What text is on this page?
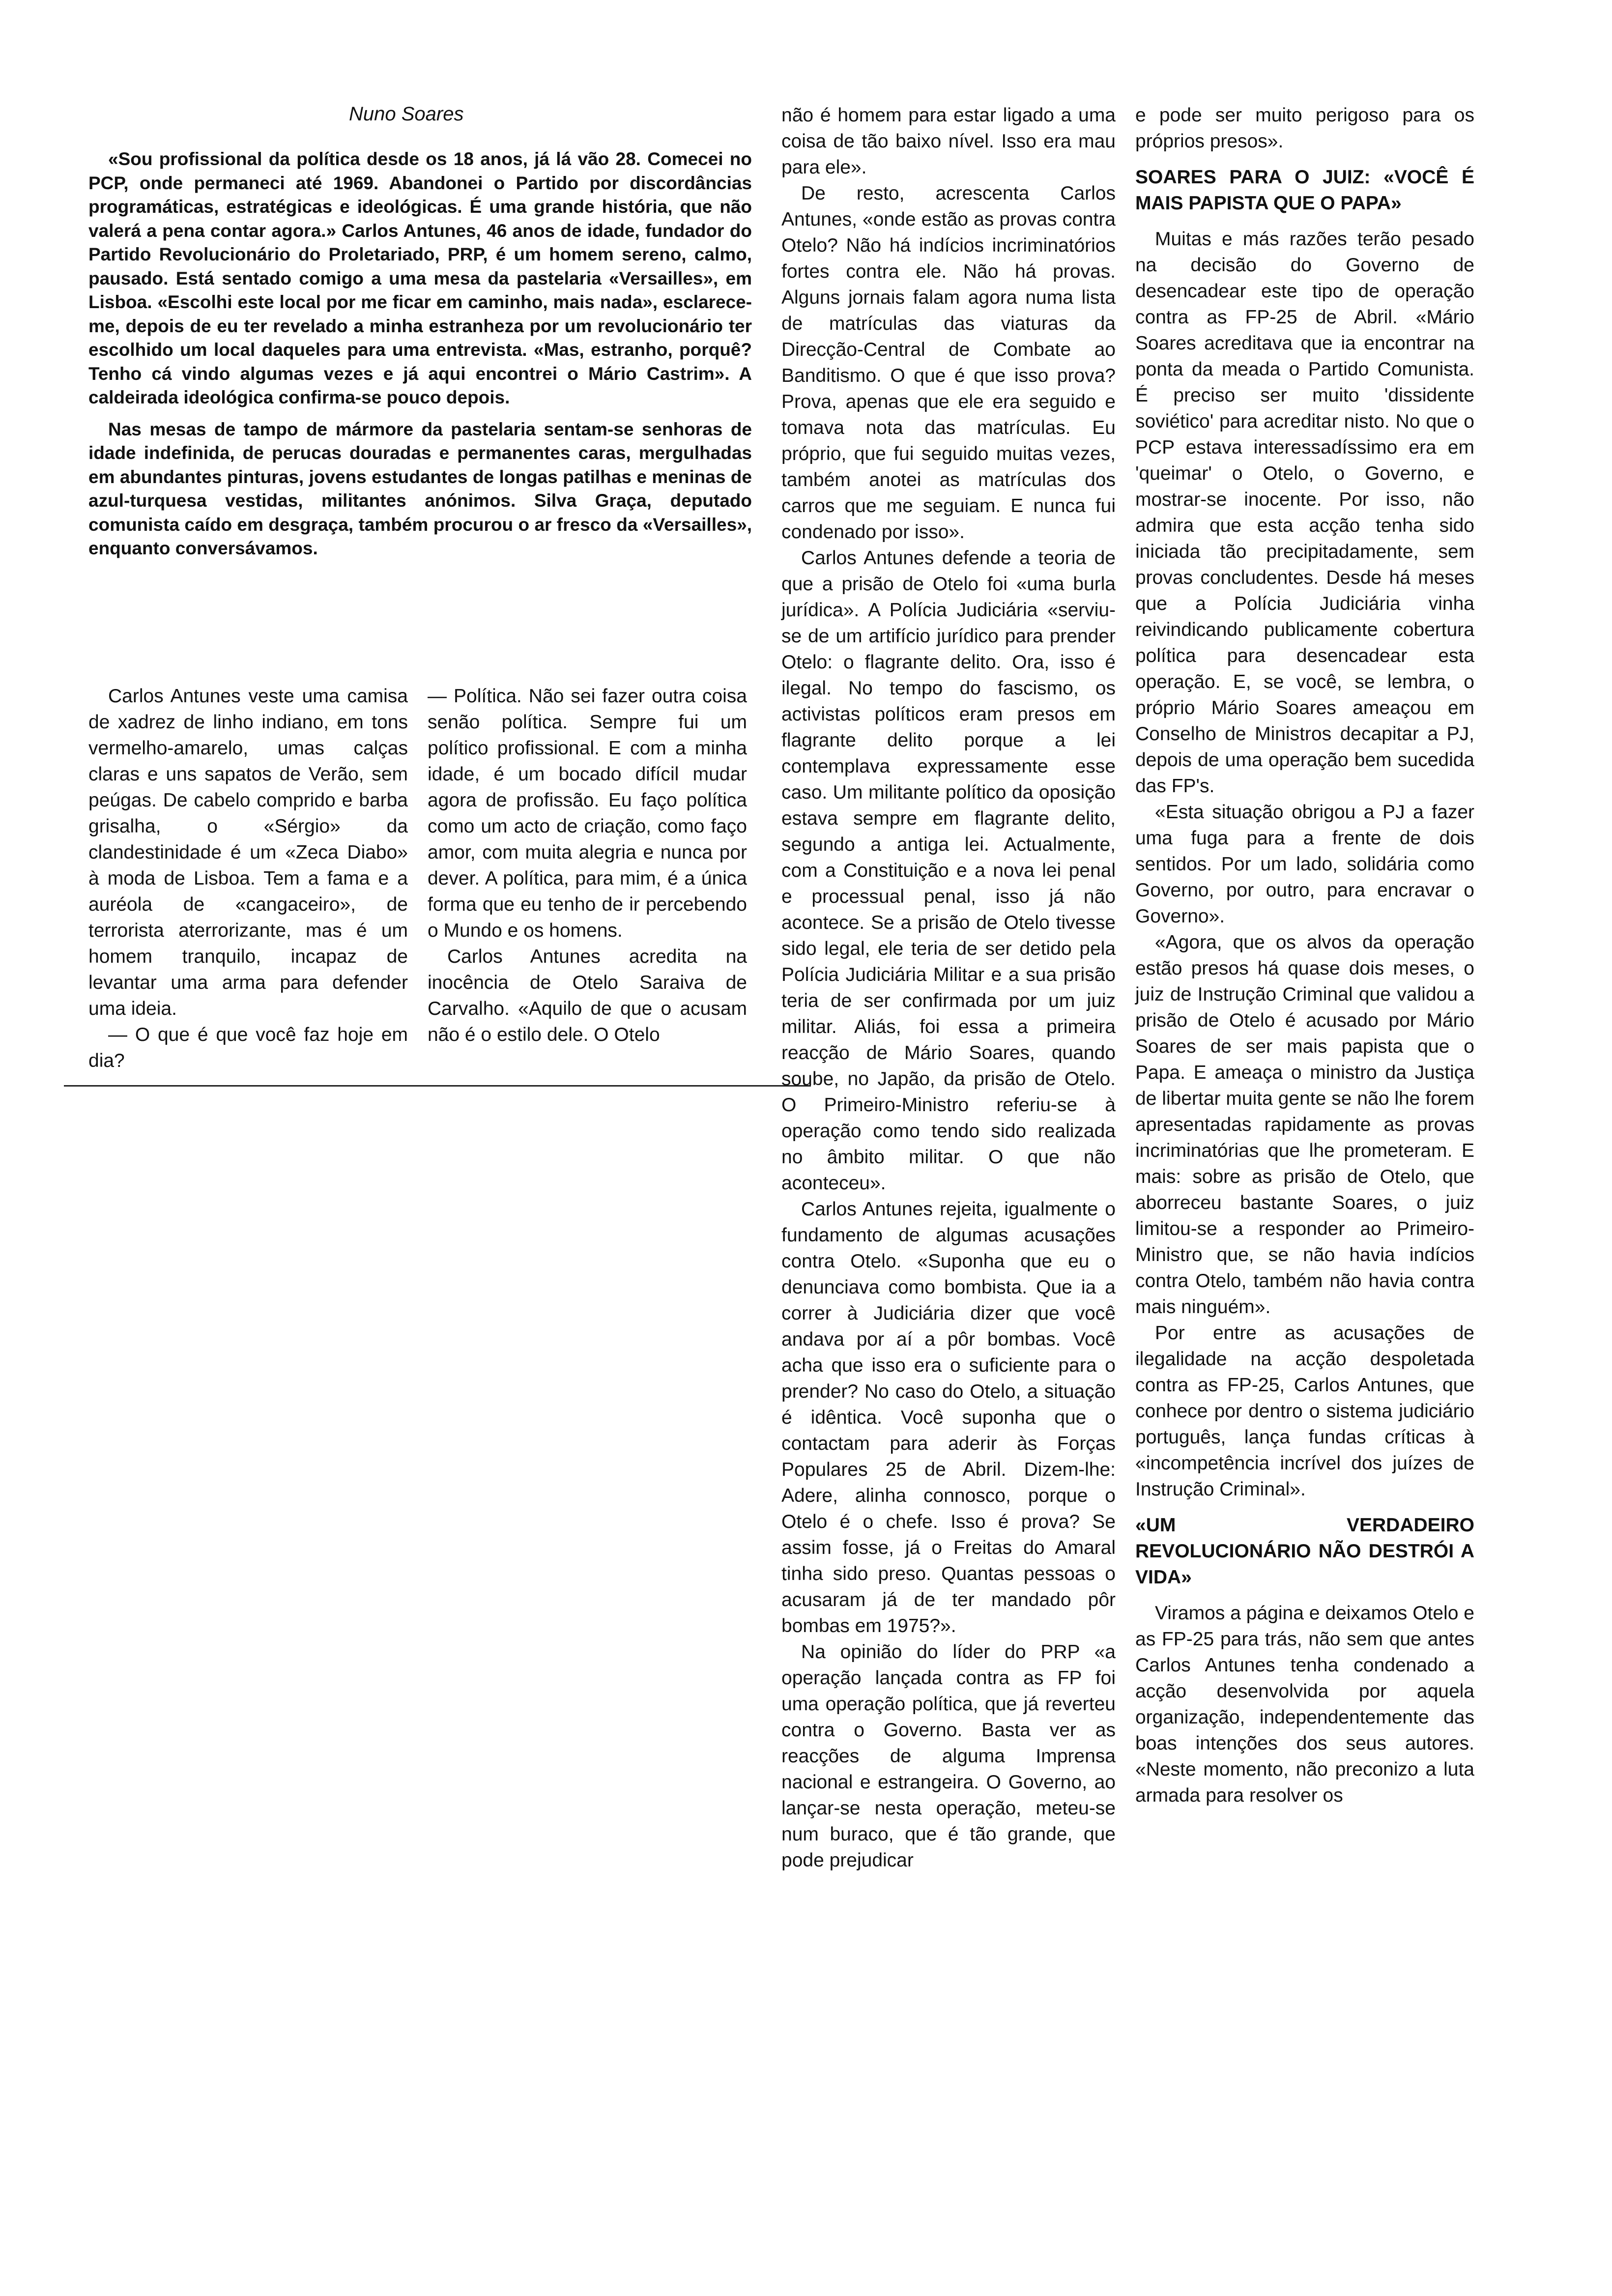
Nuno Soares

«Sou profissional da política desde os 18 anos, já lá vão 28. Comecei no PCP, onde permaneci até 1969. Abandonei o Partido por discordâncias programáticas, estratégicas e ideológicas. É uma grande história, que não valerá a pena contar agora.» Carlos Antunes, 46 anos de idade, fundador do Partido Revolucionário do Proletariado, PRP, é um homem sereno, calmo, pausado. Está sentado comigo a uma mesa da pastelaria «Versailles», em Lisboa. «Escolhi este local por me ficar em caminho, mais nada», esclarece-me, depois de eu ter revelado a minha estranheza por um revolucionário ter escolhido um local daqueles para uma entrevista. «Mas, estranho, porquê? Tenho cá vindo algumas vezes e já aqui encontrei o Mário Castrim». A caldeirada ideológica confirma-se pouco depois.

Nas mesas de tampo de mármore da pastelaria sentam-se senhoras de idade indefinida, de perucas douradas e permanentes caras, mergulhadas em abundantes pinturas, jovens estudantes de longas patilhas e meninas de azul-turquesa vestidas, militantes anónimos. Silva Graça, deputado comunista caído em desgraça, também procurou o ar fresco da «Versailles», enquanto conversávamos.

Carlos Antunes veste uma camisa de xadrez de linho indiano, em tons vermelho-amarelo, umas calças claras e uns sapatos de Verão, sem peúgas. De cabelo comprido e barba grisalha, o «Sérgio» da clandestinidade é um «Zeca Diabo» à moda de Lisboa. Tem a fama e a auréola de «cangaceiro», de terrorista aterrorizante, mas é um homem tranquilo, incapaz de levantar uma arma para defender uma ideia.

— O que é que você faz hoje em dia?

— Política. Não sei fazer outra coisa senão política. Sempre fui um político profissional. E com a minha idade, é um bocado difícil mudar agora de profissão. Eu faço política como um acto de criação, como faço amor, com muita alegria e nunca por dever. A política, para mim, é a única forma que eu tenho de ir percebendo o Mundo e os homens.

Carlos Antunes acredita na inocência de Otelo Saraiva de Carvalho. «Aquilo de que o acusam não é o estilo dele. O Otelo

não é homem para estar ligado a uma coisa de tão baixo nível. Isso era mau para ele».

De resto, acrescenta Carlos Antunes, «onde estão as provas contra Otelo? Não há indícios incriminatórios fortes contra ele. Não há provas. Alguns jornais falam agora numa lista de matrículas das viaturas da Direcção-Central de Combate ao Banditismo. O que é que isso prova? Prova, apenas que ele era seguido e tomava nota das matrículas. Eu próprio, que fui seguido muitas vezes, também anotei as matrículas dos carros que me seguiam. E nunca fui condenado por isso».

Carlos Antunes defende a teoria de que a prisão de Otelo foi «uma burla jurídica». A Polícia Judiciária «serviu-se de um artifício jurídico para prender Otelo: o flagrante delito. Ora, isso é ilegal. No tempo do fascismo, os activistas políticos eram presos em flagrante delito porque a lei contemplava expressamente esse caso. Um militante político da oposição estava sempre em flagrante delito, segundo a antiga lei. Actualmente, com a Constituição e a nova lei penal e processual penal, isso já não acontece. Se a prisão de Otelo tivesse sido legal, ele teria de ser detido pela Polícia Judiciária Militar e a sua prisão teria de ser confirmada por um juiz militar. Aliás, foi essa a primeira reacção de Mário Soares, quando soube, no Japão, da prisão de Otelo. O Primeiro-Ministro referiu-se à operação como tendo sido realizada no âmbito militar. O que não aconteceu».

Carlos Antunes rejeita, igualmente o fundamento de algumas acusações contra Otelo. «Suponha que eu o denunciava como bombista. Que ia a correr à Judiciária dizer que você andava por aí a pôr bombas. Você acha que isso era o suficiente para o prender? No caso do Otelo, a situação é idêntica. Você suponha que o contactam para aderir às Forças Populares 25 de Abril. Dizem-lhe: Adere, alinha connosco, porque o Otelo é o chefe. Isso é prova? Se assim fosse, já o Freitas do Amaral tinha sido preso. Quantas pessoas o acusaram já de ter mandado pôr bombas em 1975?».

Na opinião do líder do PRP «a operação lançada contra as FP foi uma operação política, que já reverteu contra o Governo. Basta ver as reacções de alguma Imprensa nacional e estrangeira. O Governo, ao lançar-se nesta operação, meteu-se num buraco, que é tão grande, que pode prejudicar

e pode ser muito perigoso para os próprios presos».

SOARES PARA O JUIZ: «VOCÊ É MAIS PAPISTA QUE O PAPA»

Muitas e más razões terão pesado na decisão do Governo de desencadear este tipo de operação contra as FP-25 de Abril. «Mário Soares acreditava que ia encontrar na ponta da meada o Partido Comunista. É preciso ser muito 'dissidente soviético' para acreditar nisto. No que o PCP estava interessadíssimo era em 'queimar' o Otelo, o Governo, e mostrar-se inocente. Por isso, não admira que esta acção tenha sido iniciada tão precipitadamente, sem provas concludentes. Desde há meses que a Polícia Judiciária vinha reivindicando publicamente cobertura política para desencadear esta operação. E, se você, se lembra, o próprio Mário Soares ameaçou em Conselho de Ministros decapitar a PJ, depois de uma operação bem sucedida das FP's.

«Esta situação obrigou a PJ a fazer uma fuga para a frente de dois sentidos. Por um lado, solidária como Governo, por outro, para encravar o Governo».

«Agora, que os alvos da operação estão presos há quase dois meses, o juiz de Instrução Criminal que validou a prisão de Otelo é acusado por Mário Soares de ser mais papista que o Papa. E ameaça o ministro da Justiça de libertar muita gente se não lhe forem apresentadas rapidamente as provas incriminatórias que lhe prometeram. E mais: sobre as prisão de Otelo, que aborreceu bastante Soares, o juiz limitou-se a responder ao Primeiro-Ministro que, se não havia indícios contra Otelo, também não havia contra mais ninguém».

Por entre as acusações de ilegalidade na acção despoletada contra as FP-25, Carlos Antunes, que conhece por dentro o sistema judiciário português, lança fundas críticas à «incompetência incrível dos juízes de Instrução Criminal».

«UM VERDADEIRO REVOLUCIONÁRIO NÃO DESTRÓI A VIDA»

Viramos a página e deixamos Otelo e as FP-25 para trás, não sem que antes Carlos Antunes tenha condenado a acção desenvolvida por aquela organização, independentemente das boas intenções dos seus autores. «Neste momento, não preconizo a luta armada para resolver os
